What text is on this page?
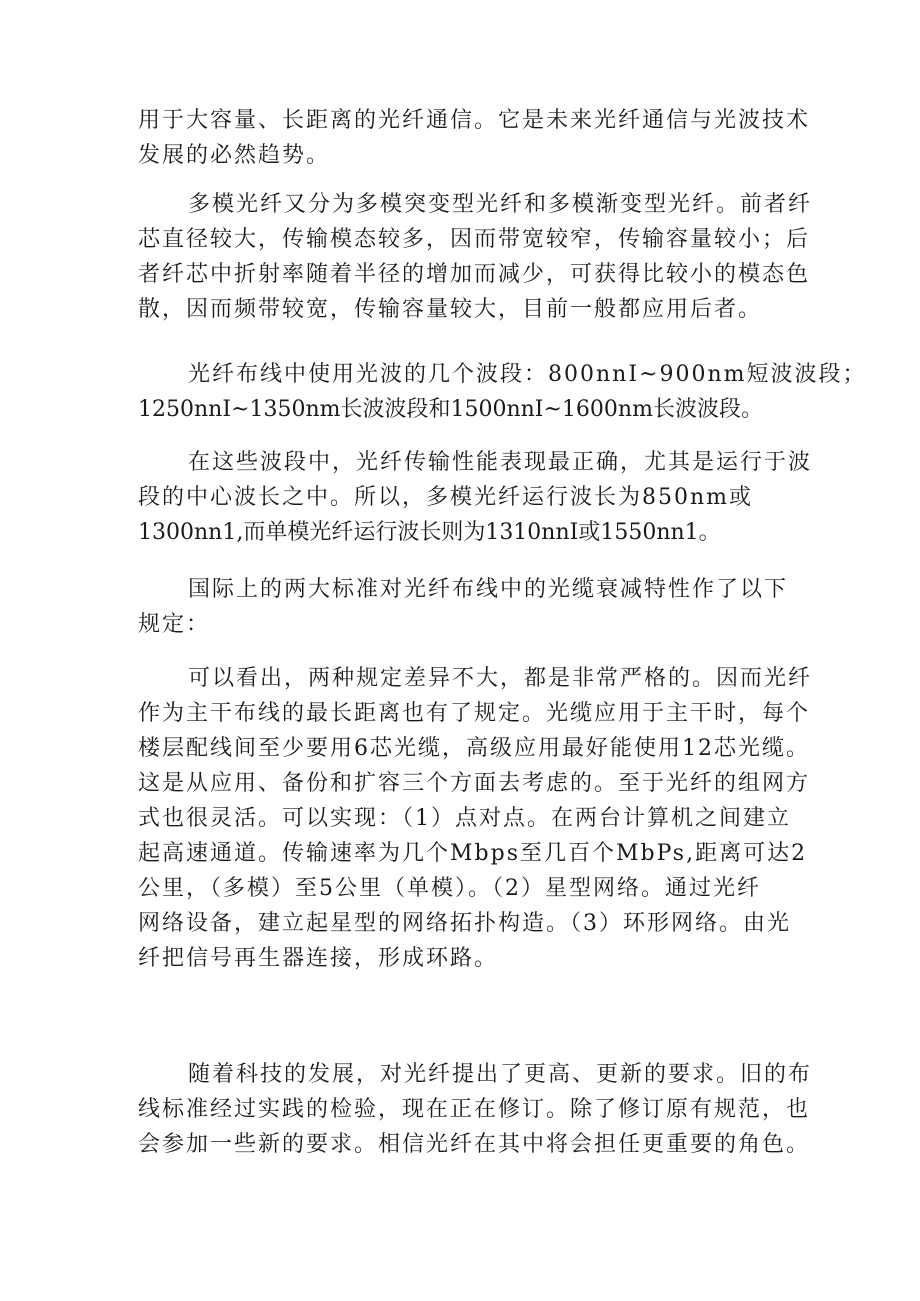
用于大容量、长距离的光纤通信。它是未来光纤通信与光波技术
发展的必然趋势。
多模光纤又分为多模突变型光纤和多模渐变型光纤。前者纤
芯直径较大，传输模态较多，因而带宽较窄，传输容量较小；后
者纤芯中折射率随着半径的增加而减少，可获得比较小的模态色
散，因而频带较宽，传输容量较大，目前一般都应用后者。
光纤布线中使用光波的几个波段：800nnI~900nm短波波段；
1250nnI~1350nm长波波段和1500nnI~1600nm长波波段。
在这些波段中，光纤传输性能表现最正确，尤其是运行于波
段的中心波长之中。所以，多模光纤运行波长为850nm或
1300nn1,而单模光纤运行波长则为1310nnI或1550nn1。
国际上的两大标准对光纤布线中的光缆衰减特性作了以下
规定：
可以看出，两种规定差异不大，都是非常严格的。因而光纤
作为主干布线的最长距离也有了规定。光缆应用于主干时，每个
楼层配线间至少要用6芯光缆，高级应用最好能使用12芯光缆。
这是从应用、备份和扩容三个方面去考虑的。至于光纤的组网方
式也很灵活。可以实现：（1）点对点。在两台计算机之间建立
起高速通道。传输速率为几个Mbps至几百个MbPs,距离可达2
公里，（多模）至5公里（单模）。（2）星型网络。通过光纤
网络设备，建立起星型的网络拓扑构造。（3）环形网络。由光
纤把信号再生器连接，形成环路。
随着科技的发展，对光纤提出了更高、更新的要求。旧的布
线标准经过实践的检验，现在正在修订。除了修订原有规范，也
会参加一些新的要求。相信光纤在其中将会担任更重要的角色。
